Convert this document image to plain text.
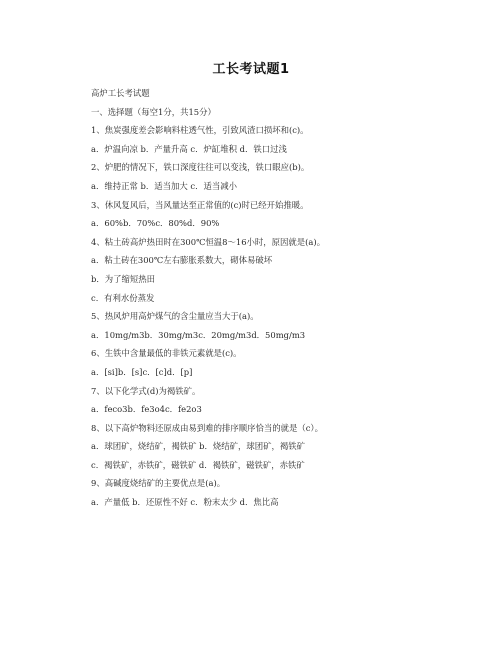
工长考试题1
高炉工长考试题
一、选择题（每空1分，共15分）
1、焦炭强度差会影响料柱透气性，引致风渣口损坏和(c)。
a．炉温向凉 b．产量升高 c．炉缸堆积 d．铁口过浅
2、炉肥的情况下，铁口深度往往可以变浅，铁口眼应(b)。
a．维持正常 b．适当加大 c．适当减小
3、休风复风后，当风量达至正常值的(c)时已经开始推暖。
a．60%b．70%c．80%d．90%
4、粘土砖高炉热田时在300℃恒温8～16小时，原因就是(a)。
a．粘土砖在300℃左右膨胀系数大，砌体易破坏
b．为了缩短热田
c．有利水份蒸发
5、热风炉用高炉煤气的含尘量应当大于(a)。
a．10mg/m3b．30mg/m3c．20mg/m3d．50mg/m3
6、生铁中含量最低的非铁元素就是(c)。
a．[si]b．[s]c．[c]d．[p]
7、以下化学式(d)为褐铁矿。
a．feco3b．fe3o4c．fe2o3
8、以下高炉物料还原成由易到难的排序顺序恰当的就是（c）。
a．球团矿，烧结矿，褐铁矿 b．烧结矿，球团矿，褐铁矿
c．褐铁矿，赤铁矿，磁铁矿 d．褐铁矿，磁铁矿，赤铁矿
9、高碱度烧结矿的主要优点是(a)。
a．产量低 b．还原性不好 c．粉末太少 d．焦比高
